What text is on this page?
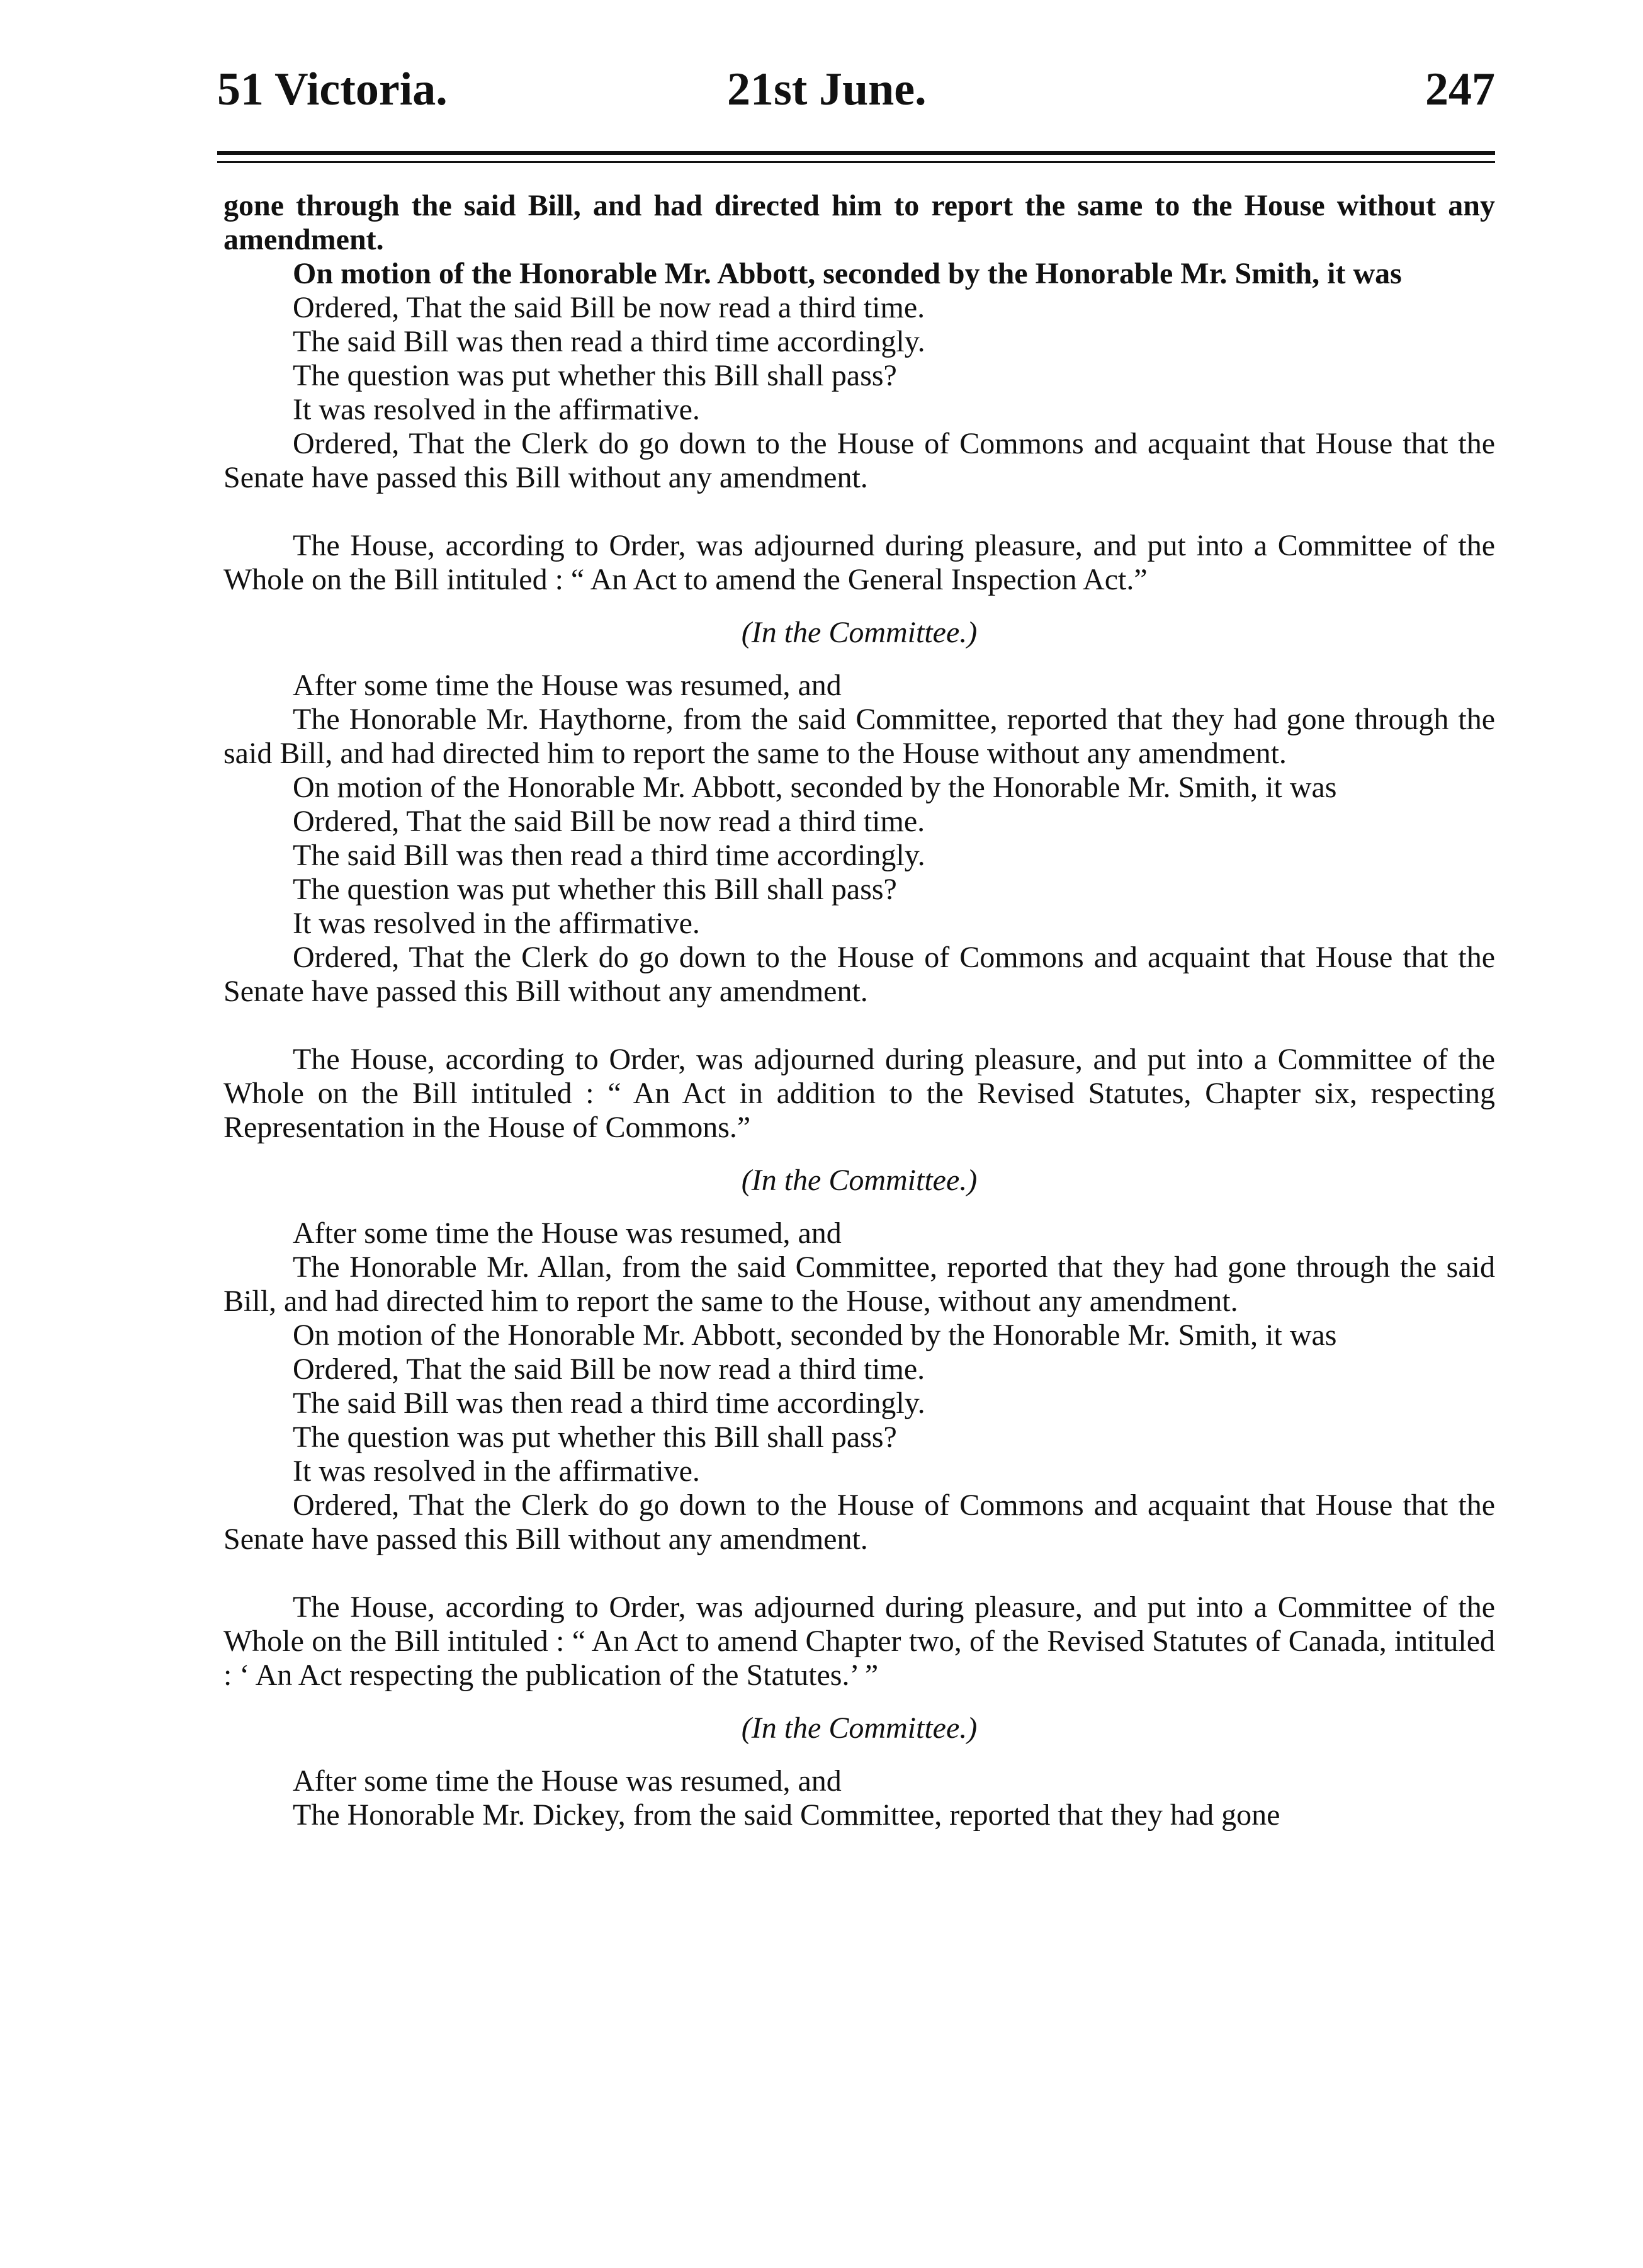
51 Victoria.	21st June.	247

gone through the said Bill, and had directed him to report the same to the House without any amendment.

On motion of the Honorable Mr. Abbott, seconded by the Honorable Mr. Smith, it was

Ordered, That the said Bill be now read a third time.

The said Bill was then read a third time accordingly.

The question was put whether this Bill shall pass?

It was resolved in the affirmative.

Ordered, That the Clerk do go down to the House of Commons and acquaint that House that the Senate have passed this Bill without any amendment.

The House, according to Order, was adjourned during pleasure, and put into a Committee of the Whole on the Bill intituled : “ An Act to amend the General Inspection Act.”

(In the Committee.)

After some time the House was resumed, and

The Honorable Mr. Haythorne, from the said Committee, reported that they had gone through the said Bill, and had directed him to report the same to the House without any amendment.

On motion of the Honorable Mr. Abbott, seconded by the Honorable Mr. Smith, it was

Ordered, That the said Bill be now read a third time.

The said Bill was then read a third time accordingly.

The question was put whether this Bill shall pass?

It was resolved in the affirmative.

Ordered, That the Clerk do go down to the House of Commons and acquaint that House that the Senate have passed this Bill without any amendment.

The House, according to Order, was adjourned during pleasure, and put into a Committee of the Whole on the Bill intituled : “ An Act in addition to the Revised Statutes, Chapter six, respecting Representation in the House of Commons.”

(In the Committee.)

After some time the House was resumed, and

The Honorable Mr. Allan, from the said Committee, reported that they had gone through the said Bill, and had directed him to report the same to the House, without any amendment.

On motion of the Honorable Mr. Abbott, seconded by the Honorable Mr. Smith, it was

Ordered, That the said Bill be now read a third time.

The said Bill was then read a third time accordingly.

The question was put whether this Bill shall pass?

It was resolved in the affirmative.

Ordered, That the Clerk do go down to the House of Commons and acquaint that House that the Senate have passed this Bill without any amendment.

The House, according to Order, was adjourned during pleasure, and put into a Committee of the Whole on the Bill intituled : “ An Act to amend Chapter two, of the Revised Statutes of Canada, intituled : ‘ An Act respecting the publication of the Statutes.’ ”

(In the Committee.)

After some time the House was resumed, and

The Honorable Mr. Dickey, from the said Committee, reported that they had gone
